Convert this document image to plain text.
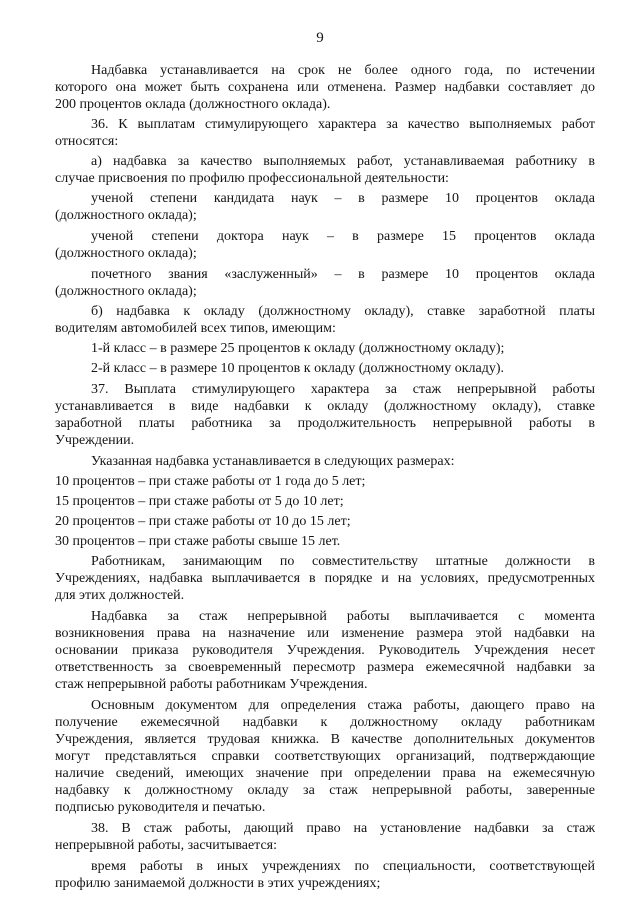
9
Надбавка устанавливается на срок не более одного года, по истечении
которого она может быть сохранена или отменена. Размер надбавки составляет до
200 процентов оклада (должностного оклада).
36. К выплатам стимулирующего характера за качество выполняемых работ
относятся:
а) надбавка за качество выполняемых работ, устанавливаемая работнику в
случае присвоения по профилю профессиональной деятельности:
ученой степени кандидата наук – в размере 10 процентов оклада
(должностного оклада);
ученой степени доктора наук – в размере 15 процентов оклада
(должностного оклада);
почетного звания «заслуженный» – в размере 10 процентов оклада
(должностного оклада);
б) надбавка к окладу (должностному окладу), ставке заработной платы
водителям автомобилей всех типов, имеющим:
1-й класс – в размере 25 процентов к окладу (должностному окладу);
2-й класс – в размере 10 процентов к окладу (должностному окладу).
37. Выплата стимулирующего характера за стаж непрерывной работы
устанавливается в виде надбавки к окладу (должностному окладу), ставке
заработной платы работника за продолжительность непрерывной работы в
Учреждении.
Указанная надбавка устанавливается в следующих размерах:
10 процентов – при стаже работы от 1 года до 5 лет;
15 процентов – при стаже работы от 5 до 10 лет;
20 процентов – при стаже работы от 10 до 15 лет;
30 процентов – при стаже работы свыше 15 лет.
Работникам, занимающим по совместительству штатные должности в
Учреждениях, надбавка выплачивается в порядке и на условиях, предусмотренных
для этих должностей.
Надбавка за стаж непрерывной работы выплачивается с момента
возникновения права на назначение или изменение размера этой надбавки на
основании приказа руководителя Учреждения. Руководитель Учреждения несет
ответственность за своевременный пересмотр размера ежемесячной надбавки за
стаж непрерывной работы работникам Учреждения.
Основным документом для определения стажа работы, дающего право на
получение ежемесячной надбавки к должностному окладу работникам
Учреждения, является трудовая книжка. В качестве дополнительных документов
могут представляться справки соответствующих организаций, подтверждающие
наличие сведений, имеющих значение при определении права на ежемесячную
надбавку к должностному окладу за стаж непрерывной работы, заверенные
подписью руководителя и печатью.
38. В стаж работы, дающий право на установление надбавки за стаж
непрерывной работы, засчитывается:
время работы в иных учреждениях по специальности, соответствующей
профилю занимаемой должности в этих учреждениях;
